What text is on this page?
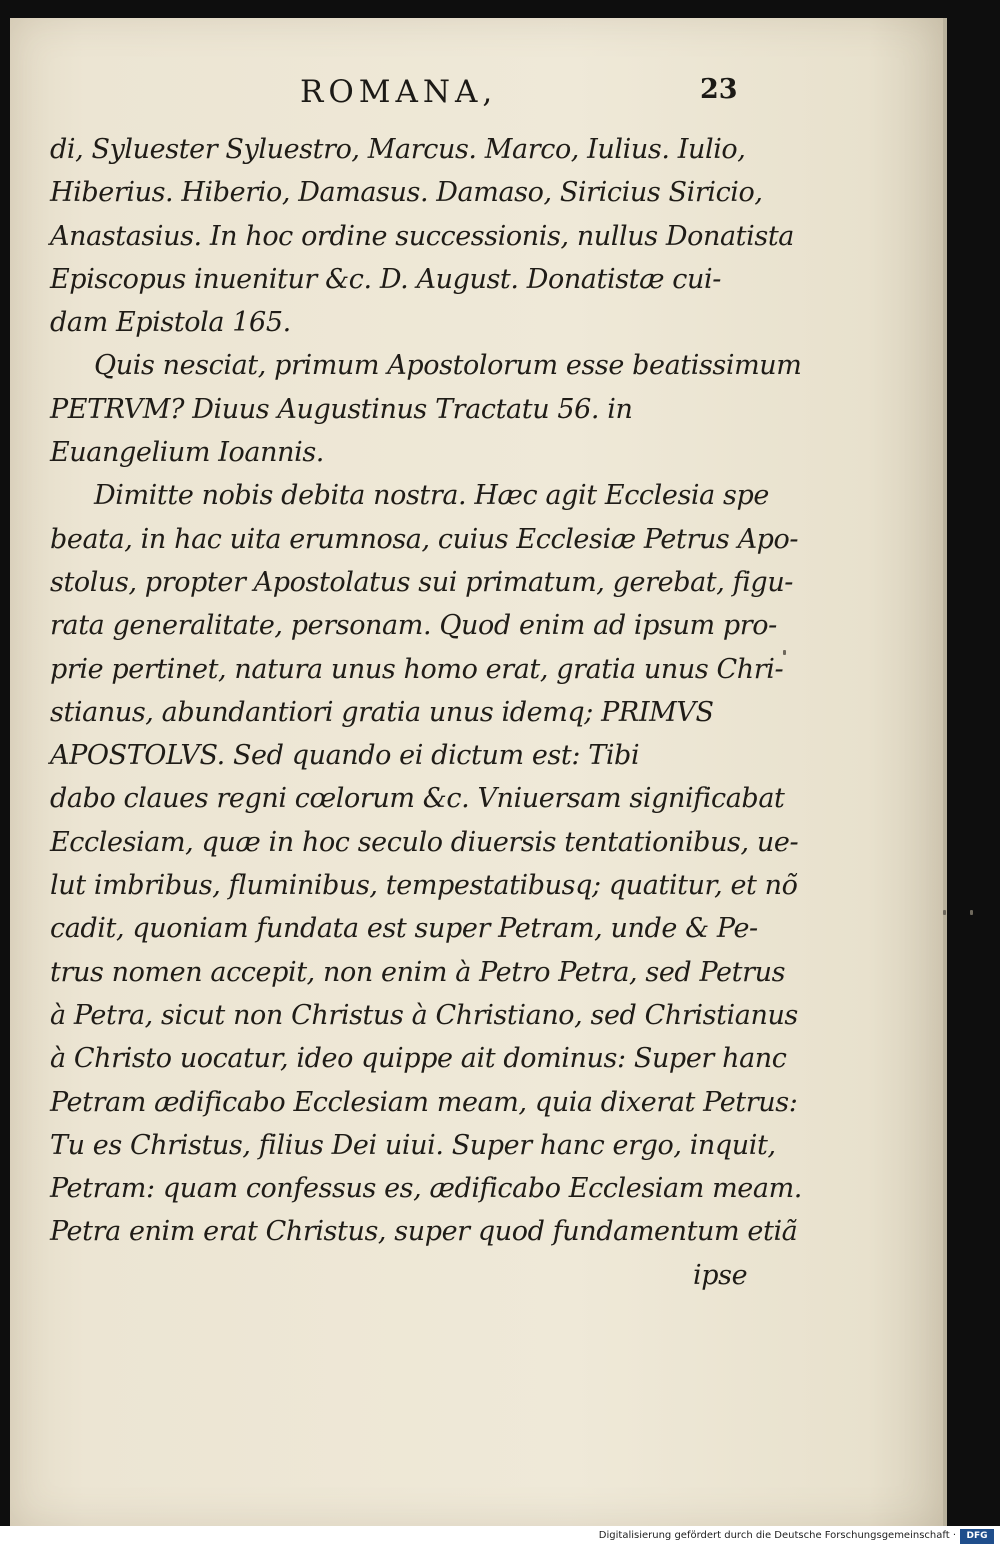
ROMANA,	23
di, Syluester Syluestro, Marcus. Marco, Iulius. Iulio,
Hiberius. Hiberio, Damasus. Damaso, Siricius Siricio,
Anastasius. In hoc ordine successionis, nullus Donatista
Episcopus inuenitur &c. D. August. Donatistæ cui-
dam Epistola 165.
Quis nesciat, primum Apostolorum esse beatissimum
PETRVM? Diuus Augustinus Tractatu 56. in
Euangelium Ioannis.
Dimitte nobis debita nostra. Hæc agit Ecclesia spe
beata, in hac uita erumnosa, cuius Ecclesiæ Petrus Apo-
stolus, propter Apostolatus sui primatum, gerebat, figu-
rata generalitate, personam. Quod enim ad ipsum pro-
prie pertinet, natura unus homo erat, gratia unus Chri-
stianus, abundantiori gratia unus idemq; PRIMVS
APOSTOLVS. Sed quando ei dictum est: Tibi
dabo claues regni cœlorum &c. Vniuersam significabat
Ecclesiam, quæ in hoc seculo diuersis tentationibus, ue-
lut imbribus, fluminibus, tempestatibusq; quatitur, et nõ
cadit, quoniam fundata est super Petram, unde & Pe-
trus nomen accepit, non enim à Petro Petra, sed Petrus
à Petra, sicut non Christus à Christiano, sed Christianus
à Christo uocatur, ideo quippe ait dominus: Super hanc
Petram ædificabo Ecclesiam meam, quia dixerat Petrus:
Tu es Christus, filius Dei uiui. Super hanc ergo, inquit,
Petram: quam confessus es, ædificabo Ecclesiam meam.
Petra enim erat Christus, super quod fundamentum etiã
ipse
Digitalisierung gefördert durch die Deutsche Forschungsgemeinschaft ·	DFG
